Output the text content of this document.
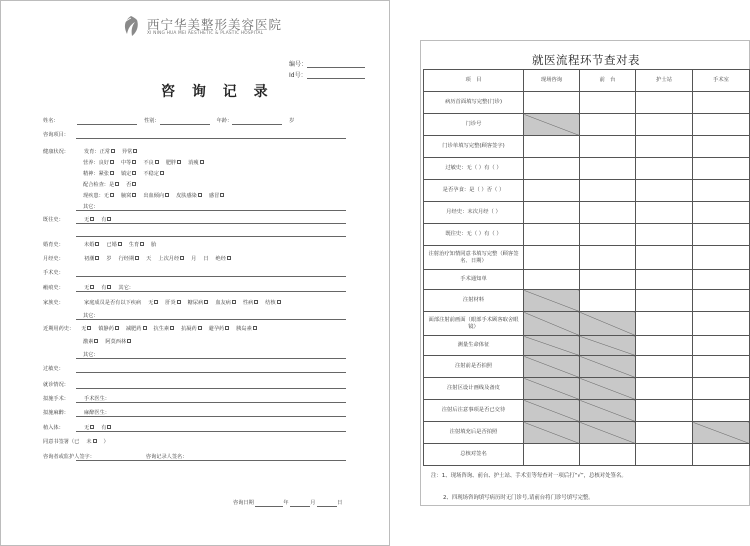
西宁华美整形美容医院
XI NING HUA MEI AESTHETIC & PLASTIC HOSPITAL
编号：
Id号：
咨 询 记 录
姓名：	性别：	年龄：	岁
咨询项目：
健康状况：	发育：正常 异常
营养：良好 中等 不良 肥胖 消瘦
精神：紧张 镇定 不稳定
配合检查：是 否
现疾患：无 腋窝 出血倾向 皮肤感染 感冒
其它：
既往史：	无 有
婚育史：	未婚 已婚 生育 胎
月经史：	初潮 岁 行经期 天 上次月经 月 日 绝经
手术史：
瘢痕史：	无 有 其它：
家族史：	家庭成员是否有以下疾病 无 肝炎 糖尿病 血友病 性病 结核
其它：
近期用药史： 无 镇静药 减肥药 抗生素 抗凝药 避孕药 胰岛素
激素 阿莫西林
其它：
过敏史：
就诊情况：
拟施手术：	手术医生：
拟施麻醉：	麻醉医生：
植入体：	无 有
同意书签署（已 未 ）
咨询者或监护人签字：	咨询记录人签名：
咨询日期	年	月	日
就医流程环节查对表
项　目	现场咨询	前　台	护士站	手术室
病历首面填写完整(门诊)				
门诊号				
门诊单填写完整(顾客签字)				
过敏史：无（ ）有（ ）				
是否孕食：是（ ）否（ ）				
月经史：末次月经（ ）				
既往史：无（ ）有（ ）				
注射治疗知情同意书填写完整（顾客签名、日期）				
手术通知单				
注射材料				
面部注射前画面（眼部手术顾客取舍眼镜）				
测量生命体征				
注射前是否拍照				
注射区设计画线及备皮				
注射后注意事项是否已交待				
注射填充后是否拍照				
总核对签名				
注：1、现场咨询、前台、护士站、手术室等每查对一项后打“√”，总核对处签名。
2、四现场咨询填写病历时无门诊号,请前台将门诊号填写完整。
